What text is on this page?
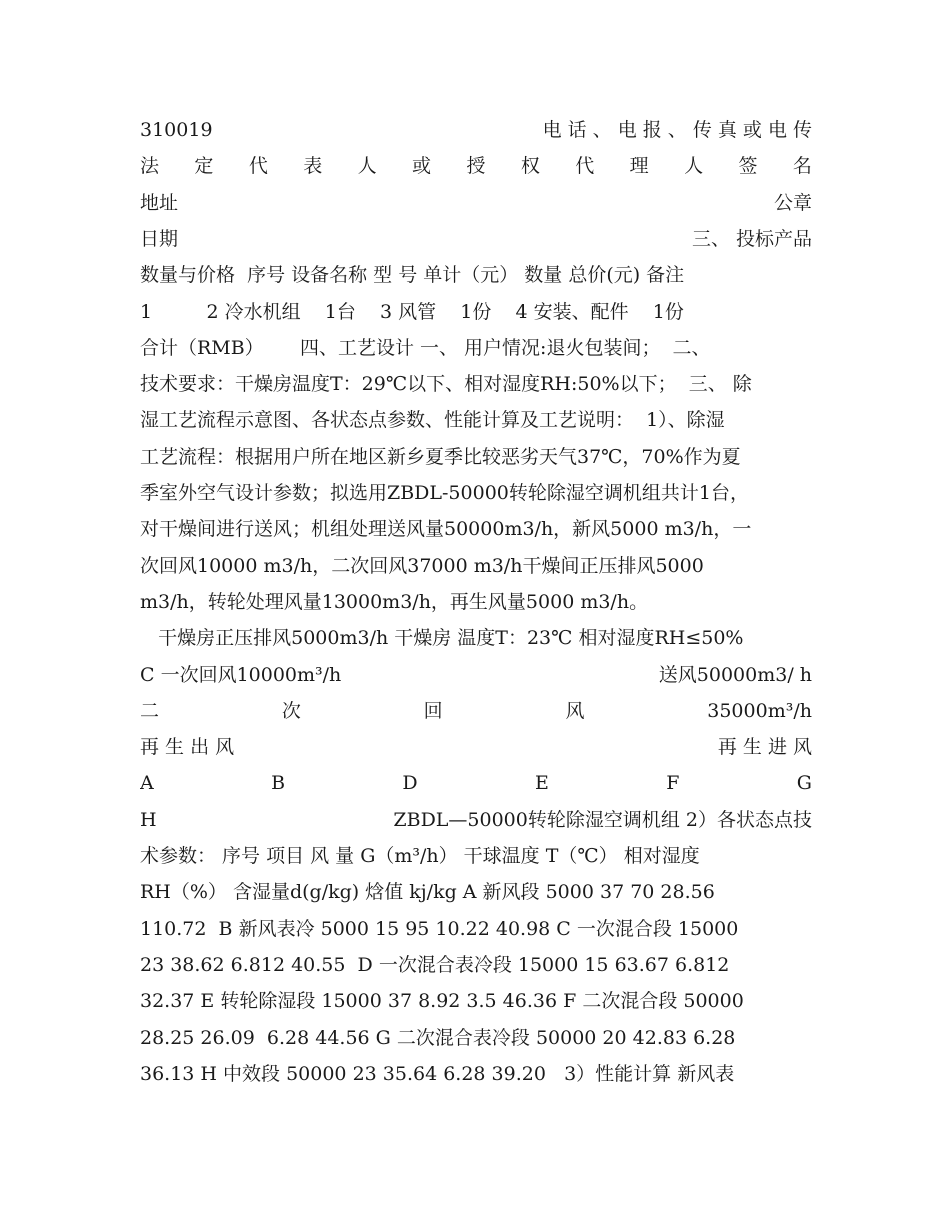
310019	电 话 、 电 报 、 传 真 或 电 传
法 定 代 表 人 或 授 权 代 理 人 签 名
地址	公章
日期	三、 投标产品
数量与价格  序号 设备名称 型 号 单计（元） 数量 总价(元) 备注
1         2 冷水机组    1台    3 风管    1份    4 安装、配件    1份
合计（RMB）      四、工艺设计 一、 用户情况:退火包装间；  二、
技术要求：干燥房温度T：29℃以下、相对湿度RH:50%以下；  三、 除
湿工艺流程示意图、各状态点参数、性能计算及工艺说明：  1）、除湿
工艺流程：根据用户所在地区新乡夏季比较恶劣天气37℃，70%作为夏
季室外空气设计参数；拟选用ZBDL-50000转轮除湿空调机组共计1台，
对干燥间进行送风；机组处理送风量50000m3/h，新风5000 m3/h，一
次回风10000 m3/h，二次回风37000 m3/h干燥间正压排风5000
m3/h，转轮处理风量13000m3/h，再生风量5000 m3/h。
干燥房正压排风5000m3/h 干燥房 温度T：23℃ 相对湿度RH≤50%
C 一次回风10000m³/h	送风50000m3/ h
二	次	回	风	35000m³/h
再 生 出 风	再 生 进 风
A	B	D	E	F	G
H	ZBDL—50000转轮除湿空调机组 2）各状态点技
术参数： 序号 项目 风 量 G（m³/h） 干球温度 T（℃） 相对湿度
RH（%） 含湿量d(g/kg) 焓值 kj/kg A 新风段 5000 37 70 28.56
110.72  B 新风表冷 5000 15 95 10.22 40.98 C 一次混合段 15000
23 38.62 6.812 40.55  D 一次混合表冷段 15000 15 63.67 6.812
32.37 E 转轮除湿段 15000 37 8.92 3.5 46.36 F 二次混合段 50000
28.25 26.09  6.28 44.56 G 二次混合表冷段 50000 20 42.83 6.28
36.13 H 中效段 50000 23 35.64 6.28 39.20   3）性能计算 新风表
